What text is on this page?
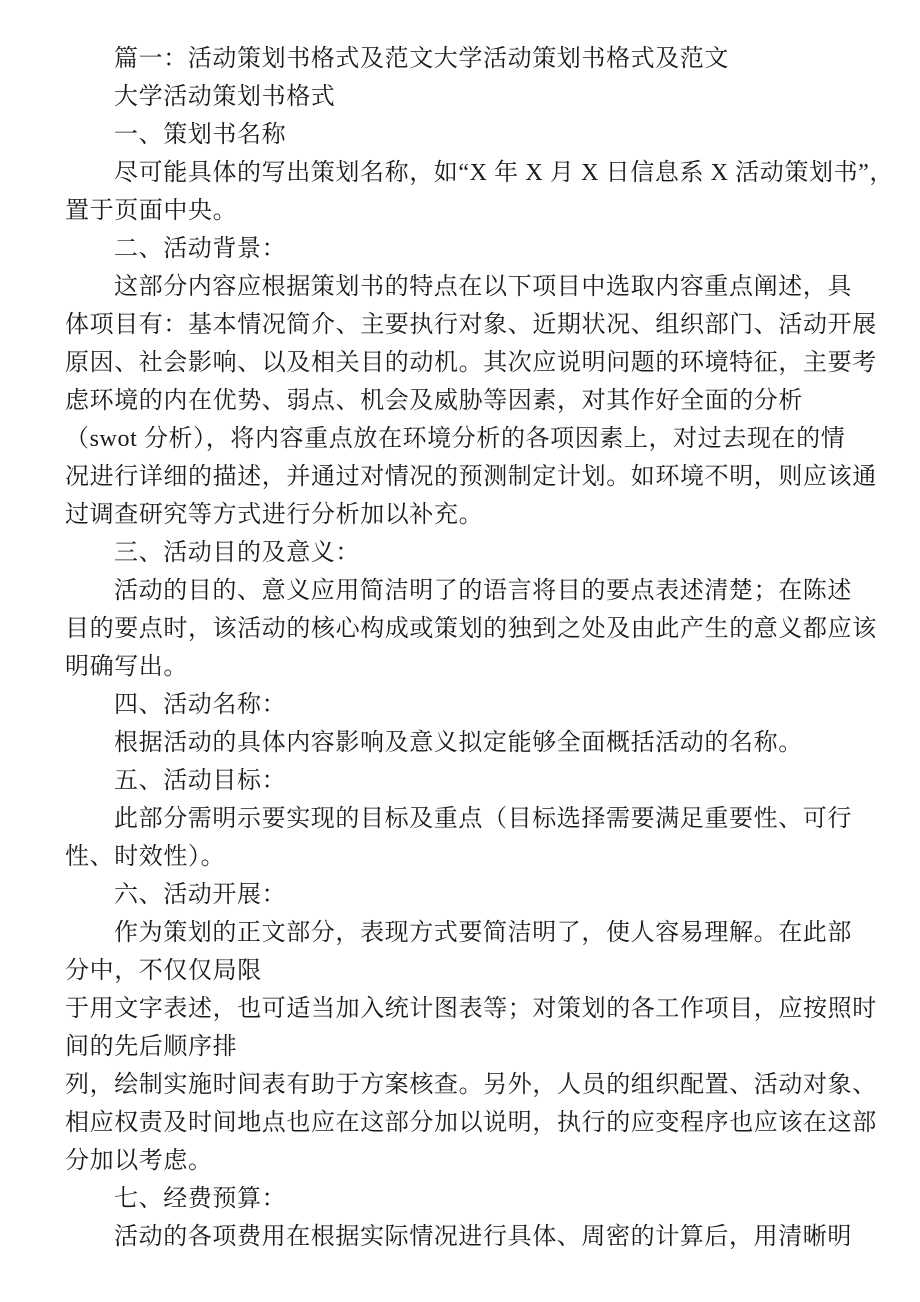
篇一：活动策划书格式及范文大学活动策划书格式及范文
大学活动策划书格式
一、策划书名称
尽可能具体的写出策划名称，如“X 年 X 月 X 日信息系 X 活动策划书”，
置于页面中央。
二、活动背景：
这部分内容应根据策划书的特点在以下项目中选取内容重点阐述，具
体项目有：基本情况简介、主要执行对象、近期状况、组织部门、活动开展
原因、社会影响、以及相关目的动机。其次应说明问题的环境特征，主要考
虑环境的内在优势、弱点、机会及威胁等因素，对其作好全面的分析
（swot 分析），将内容重点放在环境分析的各项因素上，对过去现在的情
况进行详细的描述，并通过对情况的预测制定计划。如环境不明，则应该通
过调查研究等方式进行分析加以补充。
三、活动目的及意义：
活动的目的、意义应用简洁明了的语言将目的要点表述清楚；在陈述
目的要点时，该活动的核心构成或策划的独到之处及由此产生的意义都应该
明确写出。
四、活动名称：
根据活动的具体内容影响及意义拟定能够全面概括活动的名称。
五、活动目标：
此部分需明示要实现的目标及重点（目标选择需要满足重要性、可行
性、时效性）。
六、活动开展：
作为策划的正文部分，表现方式要简洁明了，使人容易理解。在此部
分中，不仅仅局限
于用文字表述，也可适当加入统计图表等；对策划的各工作项目，应按照时
间的先后顺序排
列，绘制实施时间表有助于方案核查。另外，人员的组织配置、活动对象、
相应权责及时间地点也应在这部分加以说明，执行的应变程序也应该在这部
分加以考虑。
七、经费预算：
活动的各项费用在根据实际情况进行具体、周密的计算后，用清晰明
